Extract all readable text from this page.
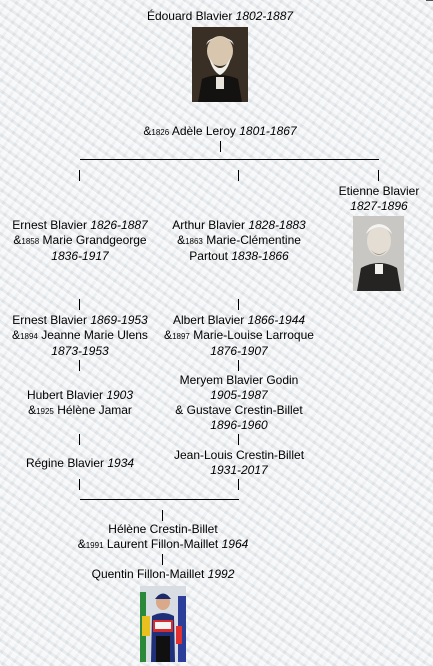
Édouard Blavier 1802-1887
&1826 Adèle Leroy 1801-1867
Ernest Blavier 1826-1887
&1858 Marie Grandgeorge
1836-1917
Arthur Blavier 1828-1883
&1863 Marie-Clémentine
Partout 1838-1866
Etienne Blavier
1827-1896
Ernest Blavier 1869-1953
&1894 Jeanne Marie Ulens
1873-1953
Albert Blavier 1866-1944
&1897 Marie-Louise Larroque
1876-1907
Hubert Blavier 1903
&1925 Hélène Jamar
Meryem Blavier Godin
1905-1987
& Gustave Crestin-Billet
1896-1960
Régine Blavier 1934
Jean-Louis Crestin-Billet
1931-2017
Hélène Crestin-Billet
&1991 Laurent Fillon-Maillet 1964
Quentin Fillon-Maillet 1992
